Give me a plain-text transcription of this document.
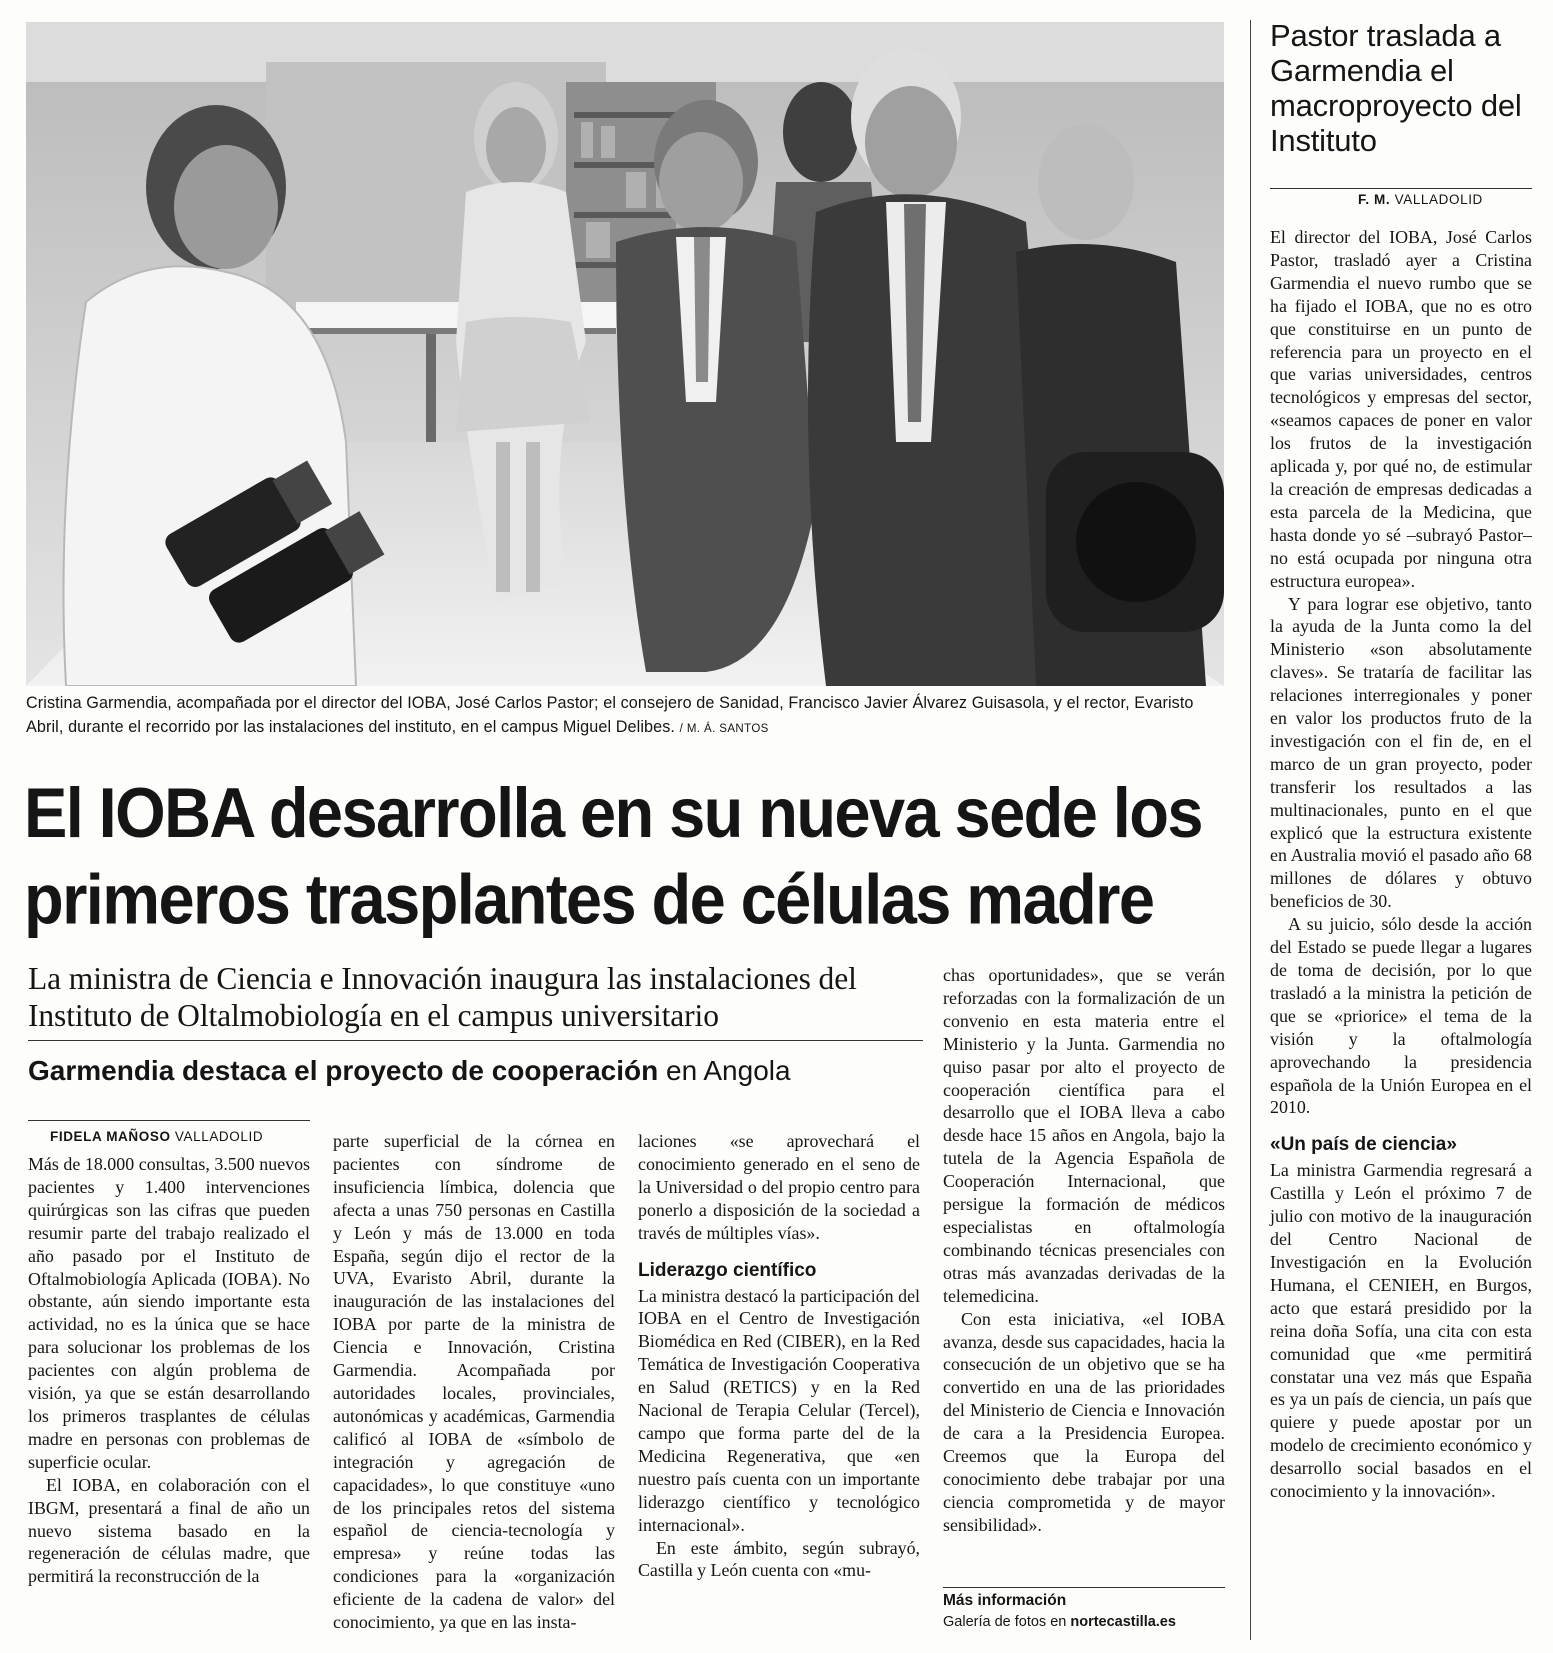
Cristina Garmendia, acompañada por el director del IOBA, José Carlos Pastor; el consejero de Sanidad, Francisco Javier Álvarez Guisasola, y el rector, Evaristo Abril, durante el recorrido por las instalaciones del instituto, en el campus Miguel Delibes. / M. Á. SANTOS
El IOBA desarrolla en su nueva sede los primeros trasplantes de células madre
La ministra de Ciencia e Innovación inaugura las instalaciones del Instituto de Oltalmobiología en el campus universitario
Garmendia destaca el proyecto de cooperación en Angola
FIDELA MAÑOSO VALLADOLID

Más de 18.000 consultas, 3.500 nuevos pacientes y 1.400 intervenciones quirúrgicas son las cifras que pueden resumir parte del trabajo realizado el año pasado por el Instituto de Oftalmobiología Aplicada (IOBA). No obstante, aún siendo importante esta actividad, no es la única que se hace para solucionar los problemas de los pacientes con algún problema de visión, ya que se están desarrollando los primeros trasplantes de células madre en personas con problemas de superficie ocular.

El IOBA, en colaboración con el IBGM, presentará a final de año un nuevo sistema basado en la regeneración de células madre, que permitirá la reconstrucción de la

parte superficial de la córnea en pacientes con síndrome de insuficiencia límbica, dolencia que afecta a unas 750 personas en Castilla y León y más de 13.000 en toda España, según dijo el rector de la UVA, Evaristo Abril, durante la inauguración de las instalaciones del IOBA por parte de la ministra de Ciencia e Innovación, Cristina Garmendia. Acompañada por autoridades locales, provinciales, autonómicas y académicas, Garmendia calificó al IOBA de «símbolo de integración y agregación de capacidades», lo que constituye «uno de los principales retos del sistema español de ciencia-tecnología y empresa» y reúne todas las condiciones para la «organización eficiente de la cadena de valor» del conocimiento, ya que en las insta-

laciones «se aprovechará el conocimiento generado en el seno de la Universidad o del propio centro para ponerlo a disposición de la sociedad a través de múltiples vías».

Liderazgo científico

La ministra destacó la participación del IOBA en el Centro de Investigación Biomédica en Red (CIBER), en la Red Temática de Investigación Cooperativa en Salud (RETICS) y en la Red Nacional de Terapia Celular (Tercel), campo que forma parte del de la Medicina Regenerativa, que «en nuestro país cuenta con un importante liderazgo científico y tecnológico internacional».

En este ámbito, según subrayó, Castilla y León cuenta con «mu-

chas oportunidades», que se verán reforzadas con la formalización de un convenio en esta materia entre el Ministerio y la Junta. Garmendia no quiso pasar por alto el proyecto de cooperación científica para el desarrollo que el IOBA lleva a cabo desde hace 15 años en Angola, bajo la tutela de la Agencia Española de Cooperación Internacional, que persigue la formación de médicos especialistas en oftalmología combinando técnicas presenciales con otras más avanzadas derivadas de la telemedicina.

Con esta iniciativa, «el IOBA avanza, desde sus capacidades, hacia la consecución de un objetivo que se ha convertido en una de las prioridades del Ministerio de Ciencia e Innovación de cara a la Presidencia Europea. Creemos que la Europa del conocimiento debe trabajar por una ciencia comprometida y de mayor sensibilidad».

Más información
Galería de fotos en nortecastilla.es
Pastor traslada a Garmendia el macroproyecto del Instituto
F. M. VALLADOLID

El director del IOBA, José Carlos Pastor, trasladó ayer a Cristina Garmendia el nuevo rumbo que se ha fijado el IOBA, que no es otro que constituirse en un punto de referencia para un proyecto en el que varias universidades, centros tecnológicos y empresas del sector, «seamos capaces de poner en valor los frutos de la investigación aplicada y, por qué no, de estimular la creación de empresas dedicadas a esta parcela de la Medicina, que hasta donde yo sé –subrayó Pastor– no está ocupada por ninguna otra estructura europea».

Y para lograr ese objetivo, tanto la ayuda de la Junta como la del Ministerio «son absolutamente claves». Se trataría de facilitar las relaciones interregionales y poner en valor los productos fruto de la investigación con el fin de, en el marco de un gran proyecto, poder transferir los resultados a las multinacionales, punto en el que explicó que la estructura existente en Australia movió el pasado año 68 millones de dólares y obtuvo beneficios de 30.

A su juicio, sólo desde la acción del Estado se puede llegar a lugares de toma de decisión, por lo que trasladó a la ministra la petición de que se «priorice» el tema de la visión y la oftalmología aprovechando la presidencia española de la Unión Europea en el 2010.

«Un país de ciencia»

La ministra Garmendia regresará a Castilla y León el próximo 7 de julio con motivo de la inauguración del Centro Nacional de Investigación en la Evolución Humana, el CENIEH, en Burgos, acto que estará presidido por la reina doña Sofía, una cita con esta comunidad que «me permitirá constatar una vez más que España es ya un país de ciencia, un país que quiere y puede apostar por un modelo de crecimiento económico y desarrollo social basados en el conocimiento y la innovación».
